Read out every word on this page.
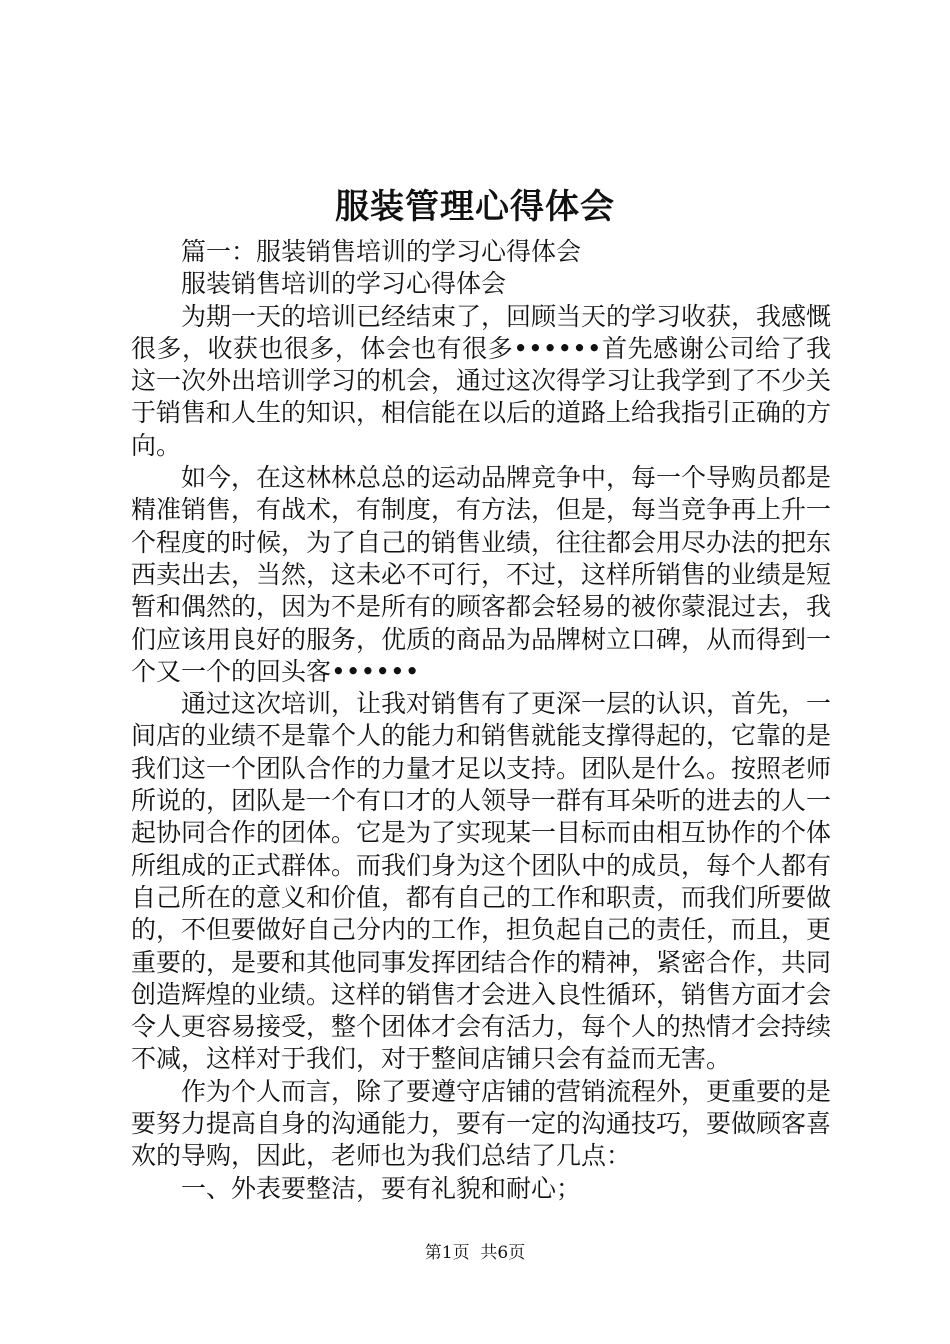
服装管理心得体会

篇一：服装销售培训的学习心得体会

服装销售培训的学习心得体会

为期一天的培训已经结束了，回顾当天的学习收获，我感慨很多，收获也很多，体会也有很多••••••首先感谢公司给了我这一次外出培训学习的机会，通过这次得学习让我学到了不少关于销售和人生的知识，相信能在以后的道路上给我指引正确的方向。

如今，在这林林总总的运动品牌竞争中，每一个导购员都是精准销售，有战术，有制度，有方法，但是，每当竞争再上升一个程度的时候，为了自己的销售业绩，往往都会用尽办法的把东西卖出去，当然，这未必不可行，不过，这样所销售的业绩是短暂和偶然的，因为不是所有的顾客都会轻易的被你蒙混过去，我们应该用良好的服务，优质的商品为品牌树立口碑，从而得到一个又一个的回头客••••••

通过这次培训，让我对销售有了更深一层的认识，首先，一间店的业绩不是靠个人的能力和销售就能支撑得起的，它靠的是我们这一个团队合作的力量才足以支持。团队是什么。按照老师所说的，团队是一个有口才的人领导一群有耳朵听的进去的人一起协同合作的团体。它是为了实现某一目标而由相互协作的个体所组成的正式群体。而我们身为这个团队中的成员，每个人都有自己所在的意义和价值，都有自己的工作和职责，而我们所要做的，不但要做好自己分内的工作，担负起自己的责任，而且，更重要的，是要和其他同事发挥团结合作的精神，紧密合作，共同创造辉煌的业绩。这样的销售才会进入良性循环，销售方面才会令人更容易接受，整个团体才会有活力，每个人的热情才会持续不减，这样对于我们，对于整间店铺只会有益而无害。

作为个人而言，除了要遵守店铺的营销流程外，更重要的是要努力提高自身的沟通能力，要有一定的沟通技巧，要做顾客喜欢的导购，因此，老师也为我们总结了几点：

一、外表要整洁，要有礼貌和耐心；

第1页 共6页
